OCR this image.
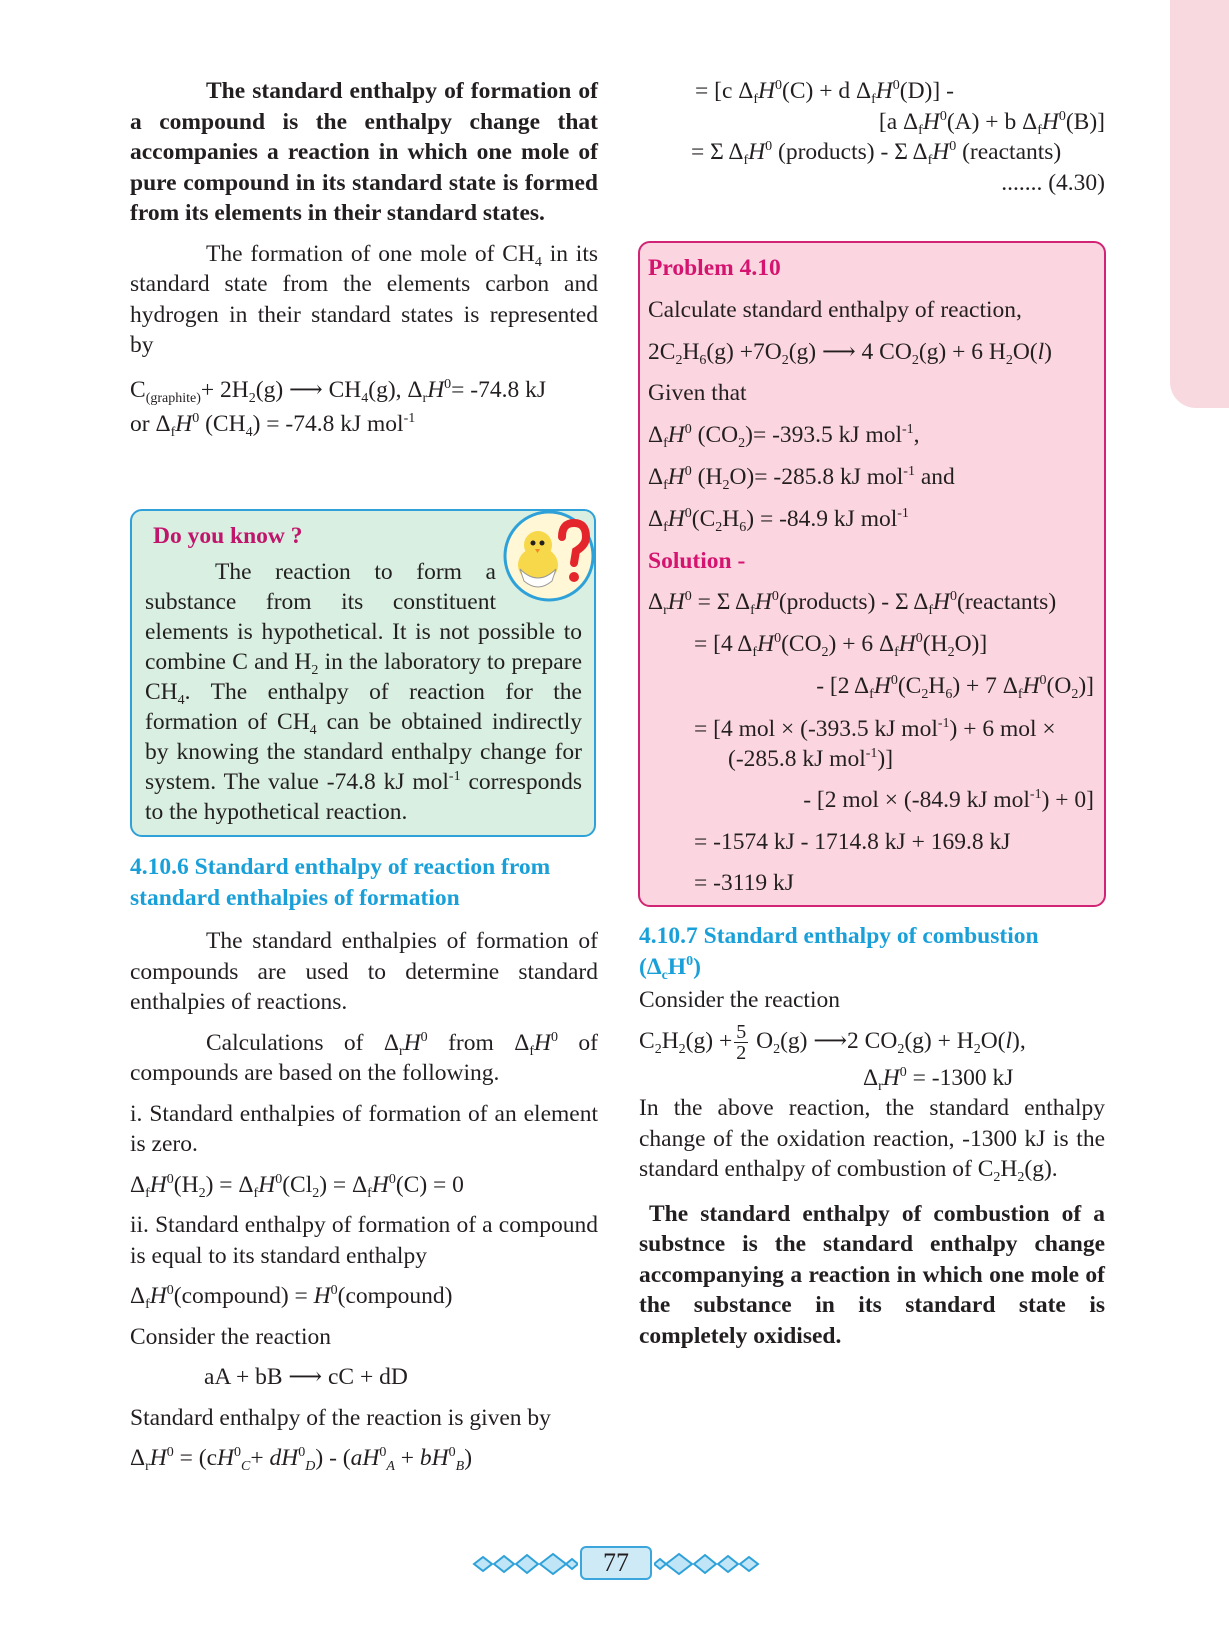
The standard enthalpy of formation of a compound is the enthalpy change that accompanies a reaction in which one mole of pure compound in its standard state is formed from its elements in their standard states.

The formation of one mole of $CH_4$ in its standard state from the elements carbon and hydrogen in their standard states is represented by

$C_{(graphite)}+ 2H_2(g)$ ⟶ $CH_4(g)$, $\Delta_rH^0= -74.8$ kJ

or $\Delta_fH^0$ $(CH_4) = -74.8$ kJ mol$^{-1}$

Do you know ?

The reaction to form a substance from its constituent elements is hypothetical. It is not possible to combine C and $H_2$

in the laboratory to prepare $CH_4$. The enthalpy of reaction for the formation of $CH_4$ can be obtained indirectly by knowing the standard enthalpy change for system. The value -74.8 kJ mol$^{-1}$ corresponds to the hypothetical reaction.

4.10.6 Standard enthalpy of reaction from standard enthalpies of formation

The standard enthalpies of formation of compounds are used to determine standard enthalpies of reactions.

Calculations of $\Delta_rH^0$ from $\Delta_fH^0$ of compounds are based on the following.

i. Standard enthalpies of formation of an element is zero.

$\Delta_fH^0(H_2) = \Delta_fH^0(Cl_2) = \Delta_fH^0(C) = 0$

ii. Standard enthalpy of formation of a compound is equal to its standard enthalpy

$\Delta_fH^0(compound)$ = $H^0(compound)$

Consider the reaction

aA + bB ⟶ cC + dD

Standard enthalpy of the reaction is given by

$\Delta_rH^0 = (cH^0_C+ dH^0_D) - (aH^0_A + bH^0_B)$

= [c $\Delta_fH^0(C) + d$ $\Delta_fH^0(D)$] -

[a $\Delta_fH^0(A) + b$ $\Delta_fH^0(B)$]

= Σ $\Delta_fH^0$ (products) - Σ $\Delta_fH^0$ (reactants)

....... (4.30)

Problem 4.10

Calculate standard enthalpy of reaction,

$2C_2H_6(g) +7O_2(g)$ ⟶ 4 $CO_2(g) + 6$ $H_2O(l)$

Given that

$\Delta_fH^0$ $(CO_2)= -393.5$ kJ mol$^{-1}$,

$\Delta_fH^0$ $(H_2O)= -285.8$ kJ mol$^{-1}$ and

$\Delta_fH^0(C_2H_6) = -84.9$ kJ mol$^{-1}$

Solution -

$\Delta_rH^0 = \Sigma$ $\Delta_fH^0(products)$ - Σ $\Delta_fH^0(reactants)$

= [4 $\Delta_fH^0(CO_2) + 6$ $\Delta_fH^0(H_2O)$]

- [2 $\Delta_fH^0(C_2H_6) + 7$ $\Delta_fH^0(O_2)$]

= [4 mol × (-393.5 kJ mol$^{-1}$) + 6 mol ×

(-285.8 kJ mol$^{-1}$)]

- [2 mol × (-84.9 kJ mol$^{-1}$) + 0]

= -1574 kJ - 1714.8 kJ + 169.8 kJ

= -3119 kJ

4.10.7 Standard enthalpy of combustion
$(\Delta_cH^0)$

Consider the reaction

$C_2H_2(g) + \frac{5}{2} O_2(g)$ ⟶2 $CO_2(g) + H_2O(l)$,

$\Delta_rH^0 = -1300$ kJ

In the above reaction, the standard enthalpy change of the oxidation reaction, -1300 kJ is the standard enthalpy of combustion of $C_2H_2(g)$.

The standard enthalpy of combustion of a substnce is the standard enthalpy change accompanying a reaction in which one mole of the substance in its standard state is completely oxidised.

77
